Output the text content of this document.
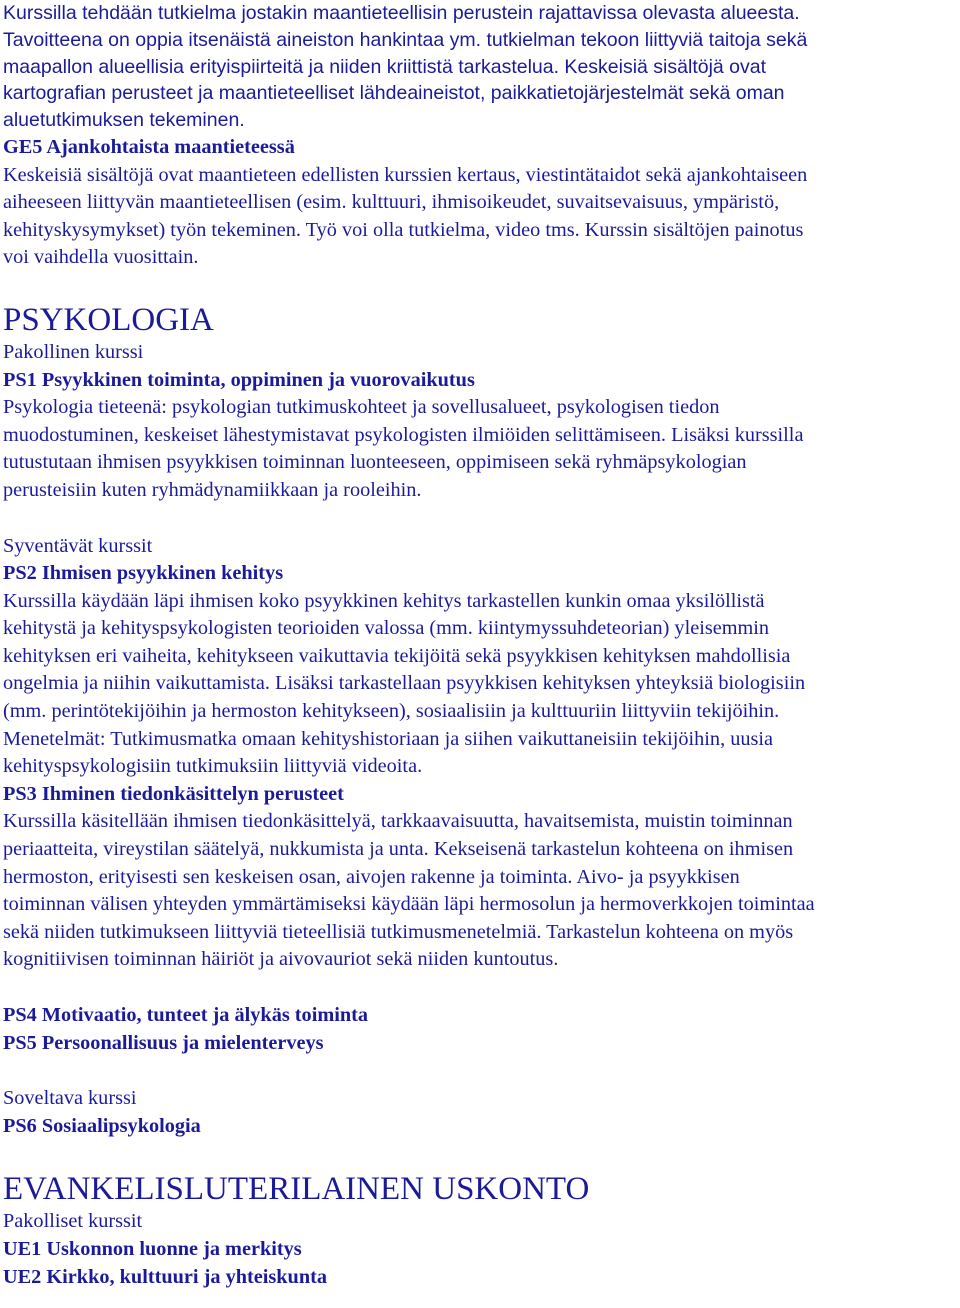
Kurssilla tehdään tutkielma jostakin maantieteellisin perustein rajattavissa olevasta alueesta.
Tavoitteena on oppia itsenäistä aineiston hankintaa ym. tutkielman tekoon liittyviä taitoja sekä
maapallon alueellisia erityispiirteitä ja niiden kriittistä tarkastelua. Keskeisiä sisältöjä ovat
kartografian perusteet ja maantieteelliset lähdeaineistot, paikkatietojärjestelmät sekä oman
aluetutkimuksen tekeminen.

GE5 Ajankohtaista maantieteessä

Keskeisiä sisältöjä ovat maantieteen edellisten kurssien kertaus, viestintätaidot sekä ajankohtaiseen
aiheeseen liittyvän maantieteellisen (esim. kulttuuri, ihmisoikeudet, suvaitsevaisuus, ympäristö,
kehityskysymykset) työn tekeminen. Työ voi olla tutkielma, video tms. Kurssin sisältöjen painotus
voi vaihdella vuosittain.

PSYKOLOGIA

Pakollinen kurssi

PS1 Psyykkinen toiminta, oppiminen ja vuorovaikutus

Psykologia tieteenä: psykologian tutkimuskohteet ja sovellusalueet, psykologisen tiedon
muodostuminen, keskeiset lähestymistavat psykologisten ilmiöiden selittämiseen. Lisäksi kurssilla
tutustutaan ihmisen psyykkisen toiminnan luonteeseen, oppimiseen sekä ryhmäpsykologian
perusteisiin kuten ryhmädynamiikkaan ja rooleihin.

Syventävät kurssit

PS2 Ihmisen psyykkinen kehitys

Kurssilla käydään läpi ihmisen koko psyykkinen kehitys tarkastellen kunkin omaa yksilöllistä
kehitystä ja kehityspsykologisten teorioiden valossa (mm. kiintymyssuhdeteorian) yleisemmin
kehityksen eri vaiheita, kehitykseen vaikuttavia tekijöitä sekä psyykkisen kehityksen mahdollisia
ongelmia ja niihin vaikuttamista. Lisäksi tarkastellaan psyykkisen kehityksen yhteyksiä biologisiin
(mm. perintötekijöihin ja hermoston kehitykseen), sosiaalisiin ja kulttuuriin liittyviin tekijöihin.
Menetelmät: Tutkimusmatka omaan kehityshistoriaan ja siihen vaikuttaneisiin tekijöihin, uusia
kehityspsykologisiin tutkimuksiin liittyviä videoita.

PS3 Ihminen tiedonkäsittelyn perusteet

Kurssilla käsitellään ihmisen tiedonkäsittelyä, tarkkaavaisuutta, havaitsemista, muistin toiminnan
periaatteita, vireystilan säätelyä, nukkumista ja unta. Kekseisenä tarkastelun kohteena on ihmisen
hermoston, erityisesti sen keskeisen osan, aivojen rakenne ja toiminta. Aivo- ja psyykkisen
toiminnan välisen yhteyden ymmärtämiseksi käydään läpi hermosolun ja hermoverkkojen toimintaa
sekä niiden tutkimukseen liittyviä tieteellisiä tutkimusmenetelmiä. Tarkastelun kohteena on myös
kognitiivisen toiminnan häiriöt ja aivovauriot sekä niiden kuntoutus.

PS4 Motivaatio, tunteet ja älykäs toiminta

PS5 Persoonallisuus ja mielenterveys

Soveltava kurssi

PS6 Sosiaalipsykologia

EVANKELISLUTERILAINEN USKONTO

Pakolliset kurssit

UE1 Uskonnon luonne ja merkitys

UE2 Kirkko, kulttuuri ja yhteiskunta
